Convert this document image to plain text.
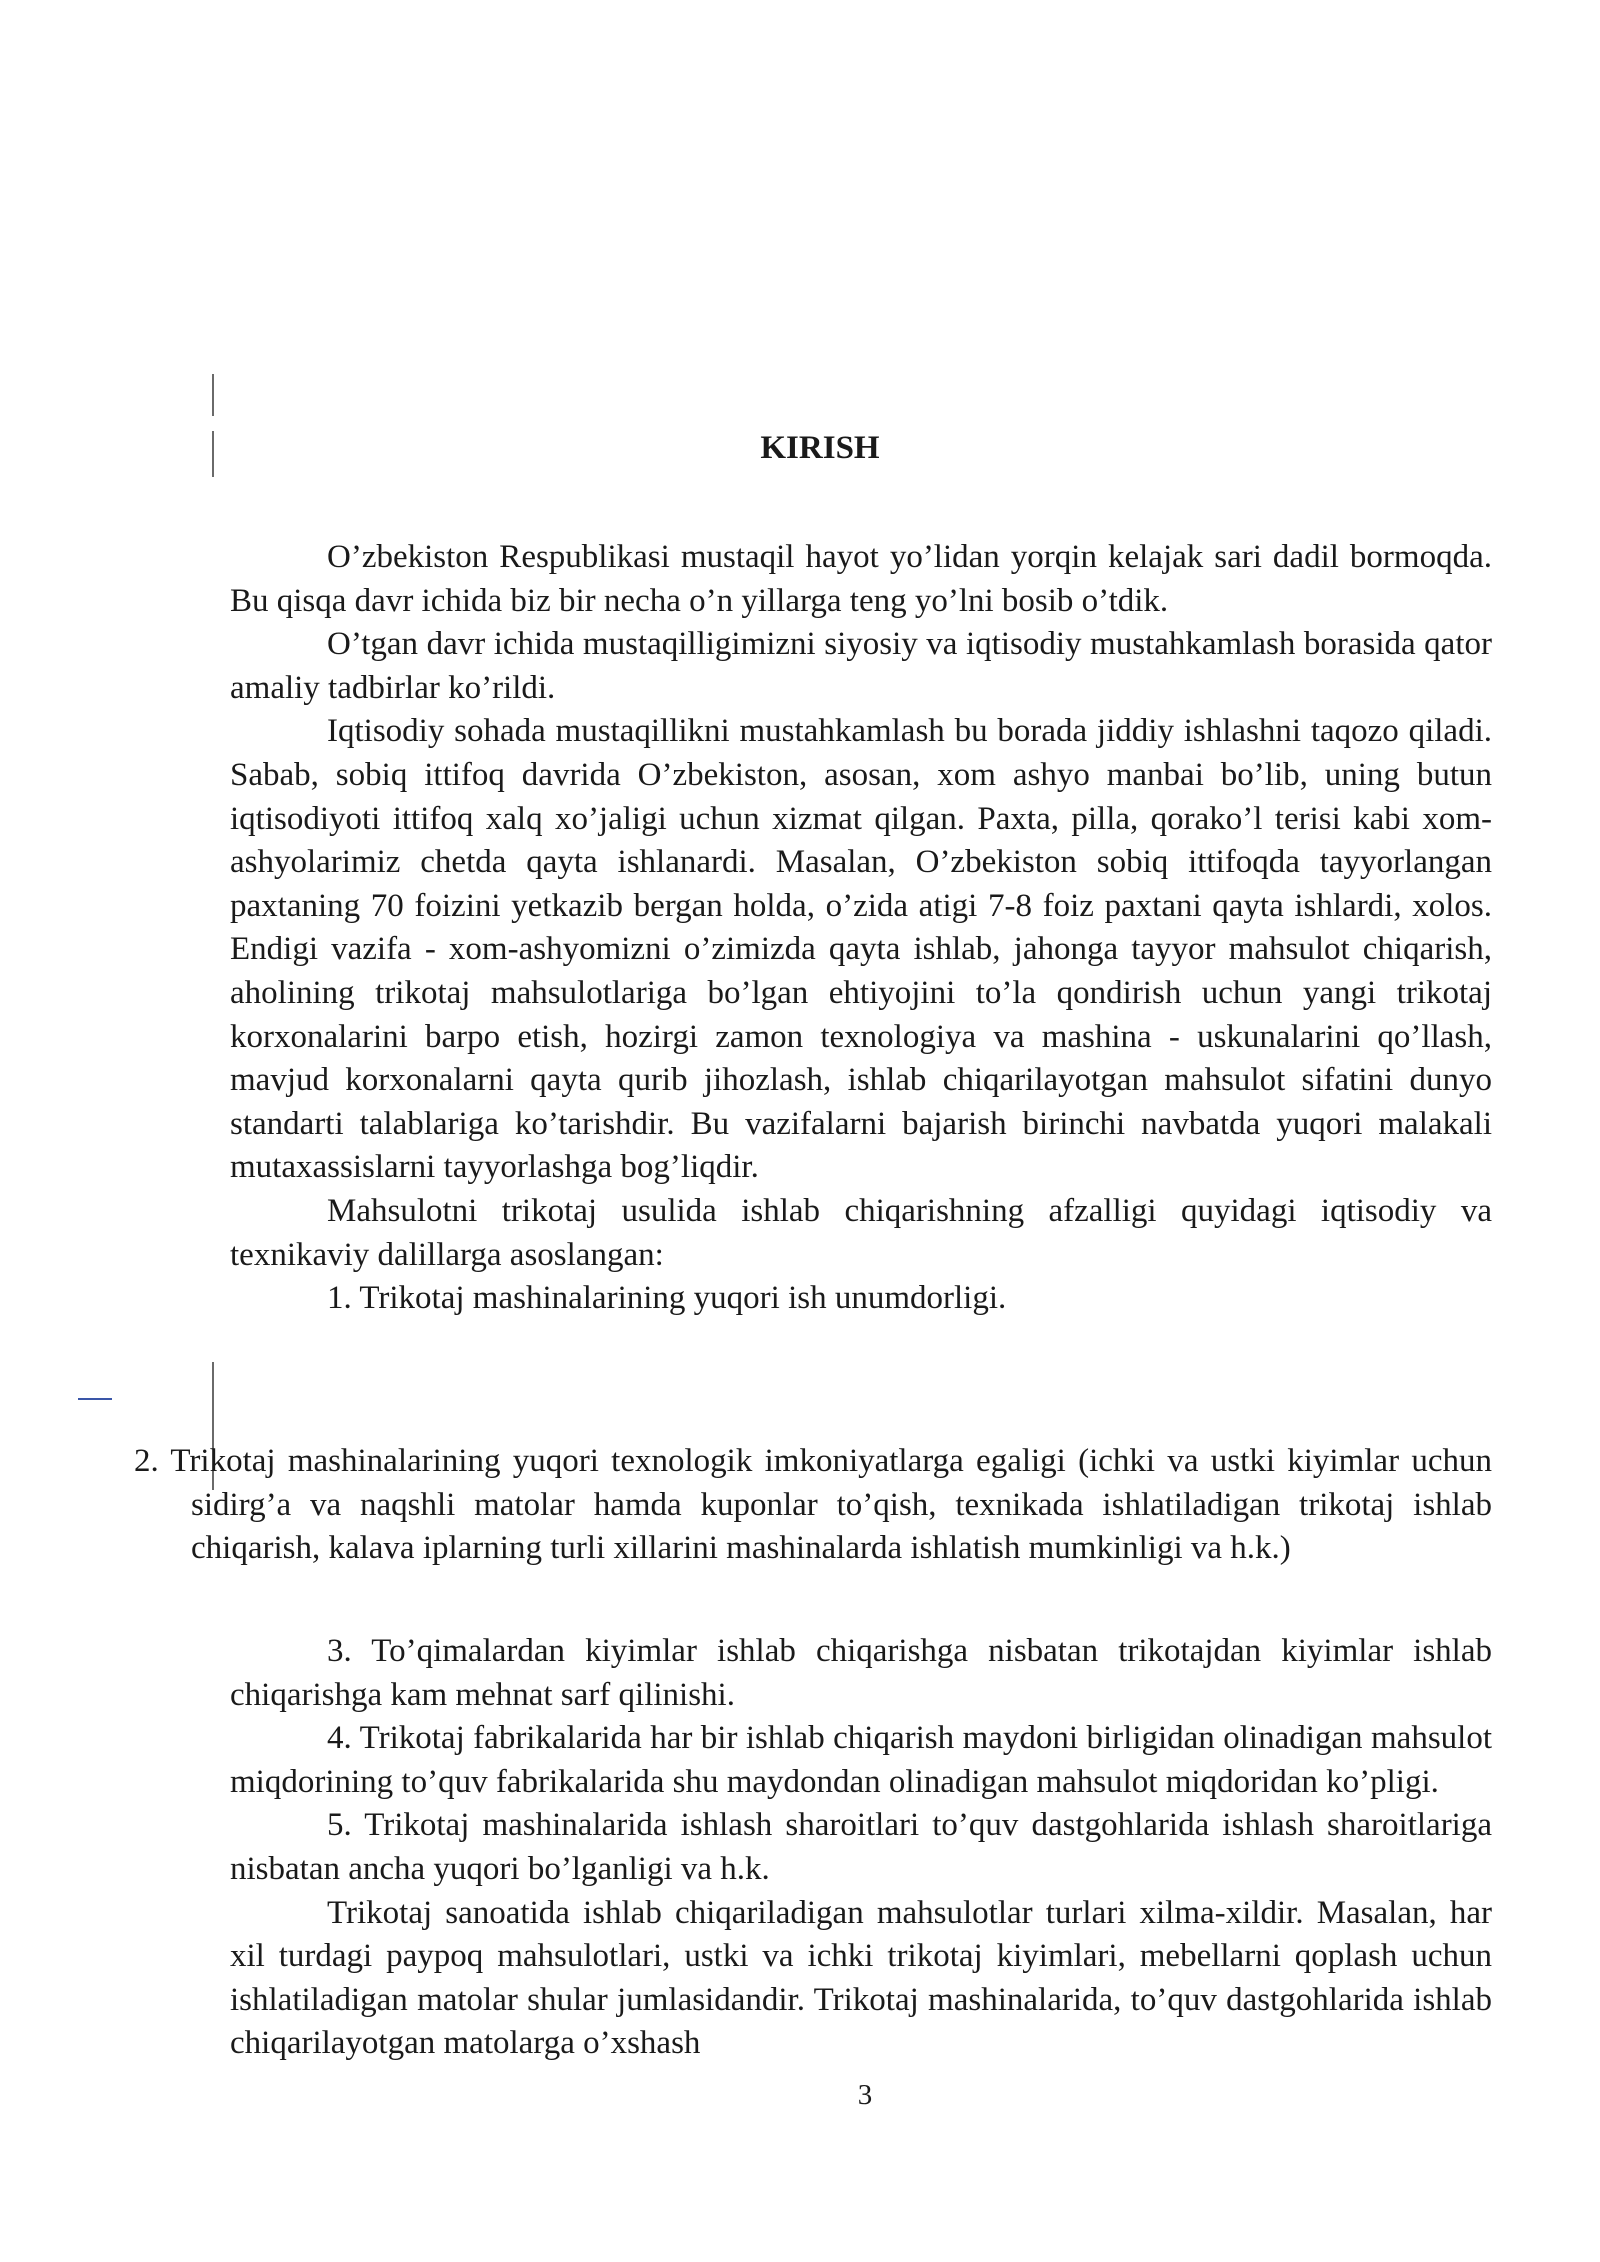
KIRISH

O’zbekiston Respublikasi mustaqil hayot yo’lidan yorqin kelajak sari dadil bormoqda. Bu qisqa davr ichida biz bir necha o’n yillarga teng yo’lni bosib o’tdik.

O’tgan davr ichida mustaqilligimizni siyosiy va iqtisodiy mustahkamlash borasida qator amaliy tadbirlar ko’rildi.

Iqtisodiy sohada mustaqillikni mustahkamlash bu borada jiddiy ishlashni taqozo qiladi. Sabab, sobiq ittifoq davrida O’zbekiston, asosan, xom ashyo manbai bo’lib, uning butun iqtisodiyoti ittifoq xalq xo’jaligi uchun xizmat qilgan. Paxta, pilla, qorako’l terisi kabi xom-ashyolarimiz chetda qayta ishlanardi. Masalan, O’zbekiston sobiq ittifoqda tayyorlangan paxtaning 70 foizini yetkazib bergan holda, o’zida atigi 7-8 foiz paxtani qayta ishlardi, xolos. Endigi vazifa - xom-ashyomizni o’zimizda qayta ishlab, jahonga tayyor mahsulot chiqarish, aholining trikotaj mahsulotlariga bo’lgan ehtiyojini to’la qondirish uchun yangi trikotaj korxonalarini barpo etish, hozirgi zamon texnologiya va mashina - uskunalarini qo’llash, mavjud korxonalarni qayta qurib jihozlash, ishlab chiqarilayotgan mahsulot sifatini dunyo standarti talablariga ko’tarishdir. Bu vazifalarni bajarish birinchi navbatda yuqori malakali mutaxassislarni tayyorlashga bog’liqdir.

Mahsulotni trikotaj usulida ishlab chiqarishning afzalligi quyidagi iqtisodiy va texnikaviy dalillarga asoslangan:

1. Trikotaj mashinalarining yuqori ish unumdorligi.

2. Trikotaj mashinalarining yuqori texnologik imkoniyatlarga egaligi (ichki va ustki kiyimlar uchun sidirg’a va naqshli matolar hamda kuponlar to’qish, texnikada ishlatiladigan trikotaj ishlab chiqarish, kalava iplarning turli xillarini mashinalarda ishlatish mumkinligi va h.k.)

3. To’qimalardan kiyimlar ishlab chiqarishga nisbatan trikotajdan kiyimlar ishlab chiqarishga kam mehnat sarf qilinishi.

4. Trikotaj fabrikalarida har bir ishlab chiqarish maydoni birligidan olinadigan mahsulot miqdorining to’quv fabrikalarida shu maydondan olinadigan mahsulot miqdoridan ko’pligi.

5. Trikotaj mashinalarida ishlash sharoitlari to’quv dastgohlarida ishlash sharoitlariga nisbatan ancha yuqori bo’lganligi va h.k.

Trikotaj sanoatida ishlab chiqariladigan mahsulotlar turlari xilma-xildir. Masalan, har xil turdagi paypoq mahsulotlari, ustki va ichki trikotaj kiyimlari, mebellarni qoplash uchun ishlatiladigan matolar shular jumlasidandir. Trikotaj mashinalarida, to’quv dastgohlarida ishlab chiqarilayotgan matolarga o’xshash

3
